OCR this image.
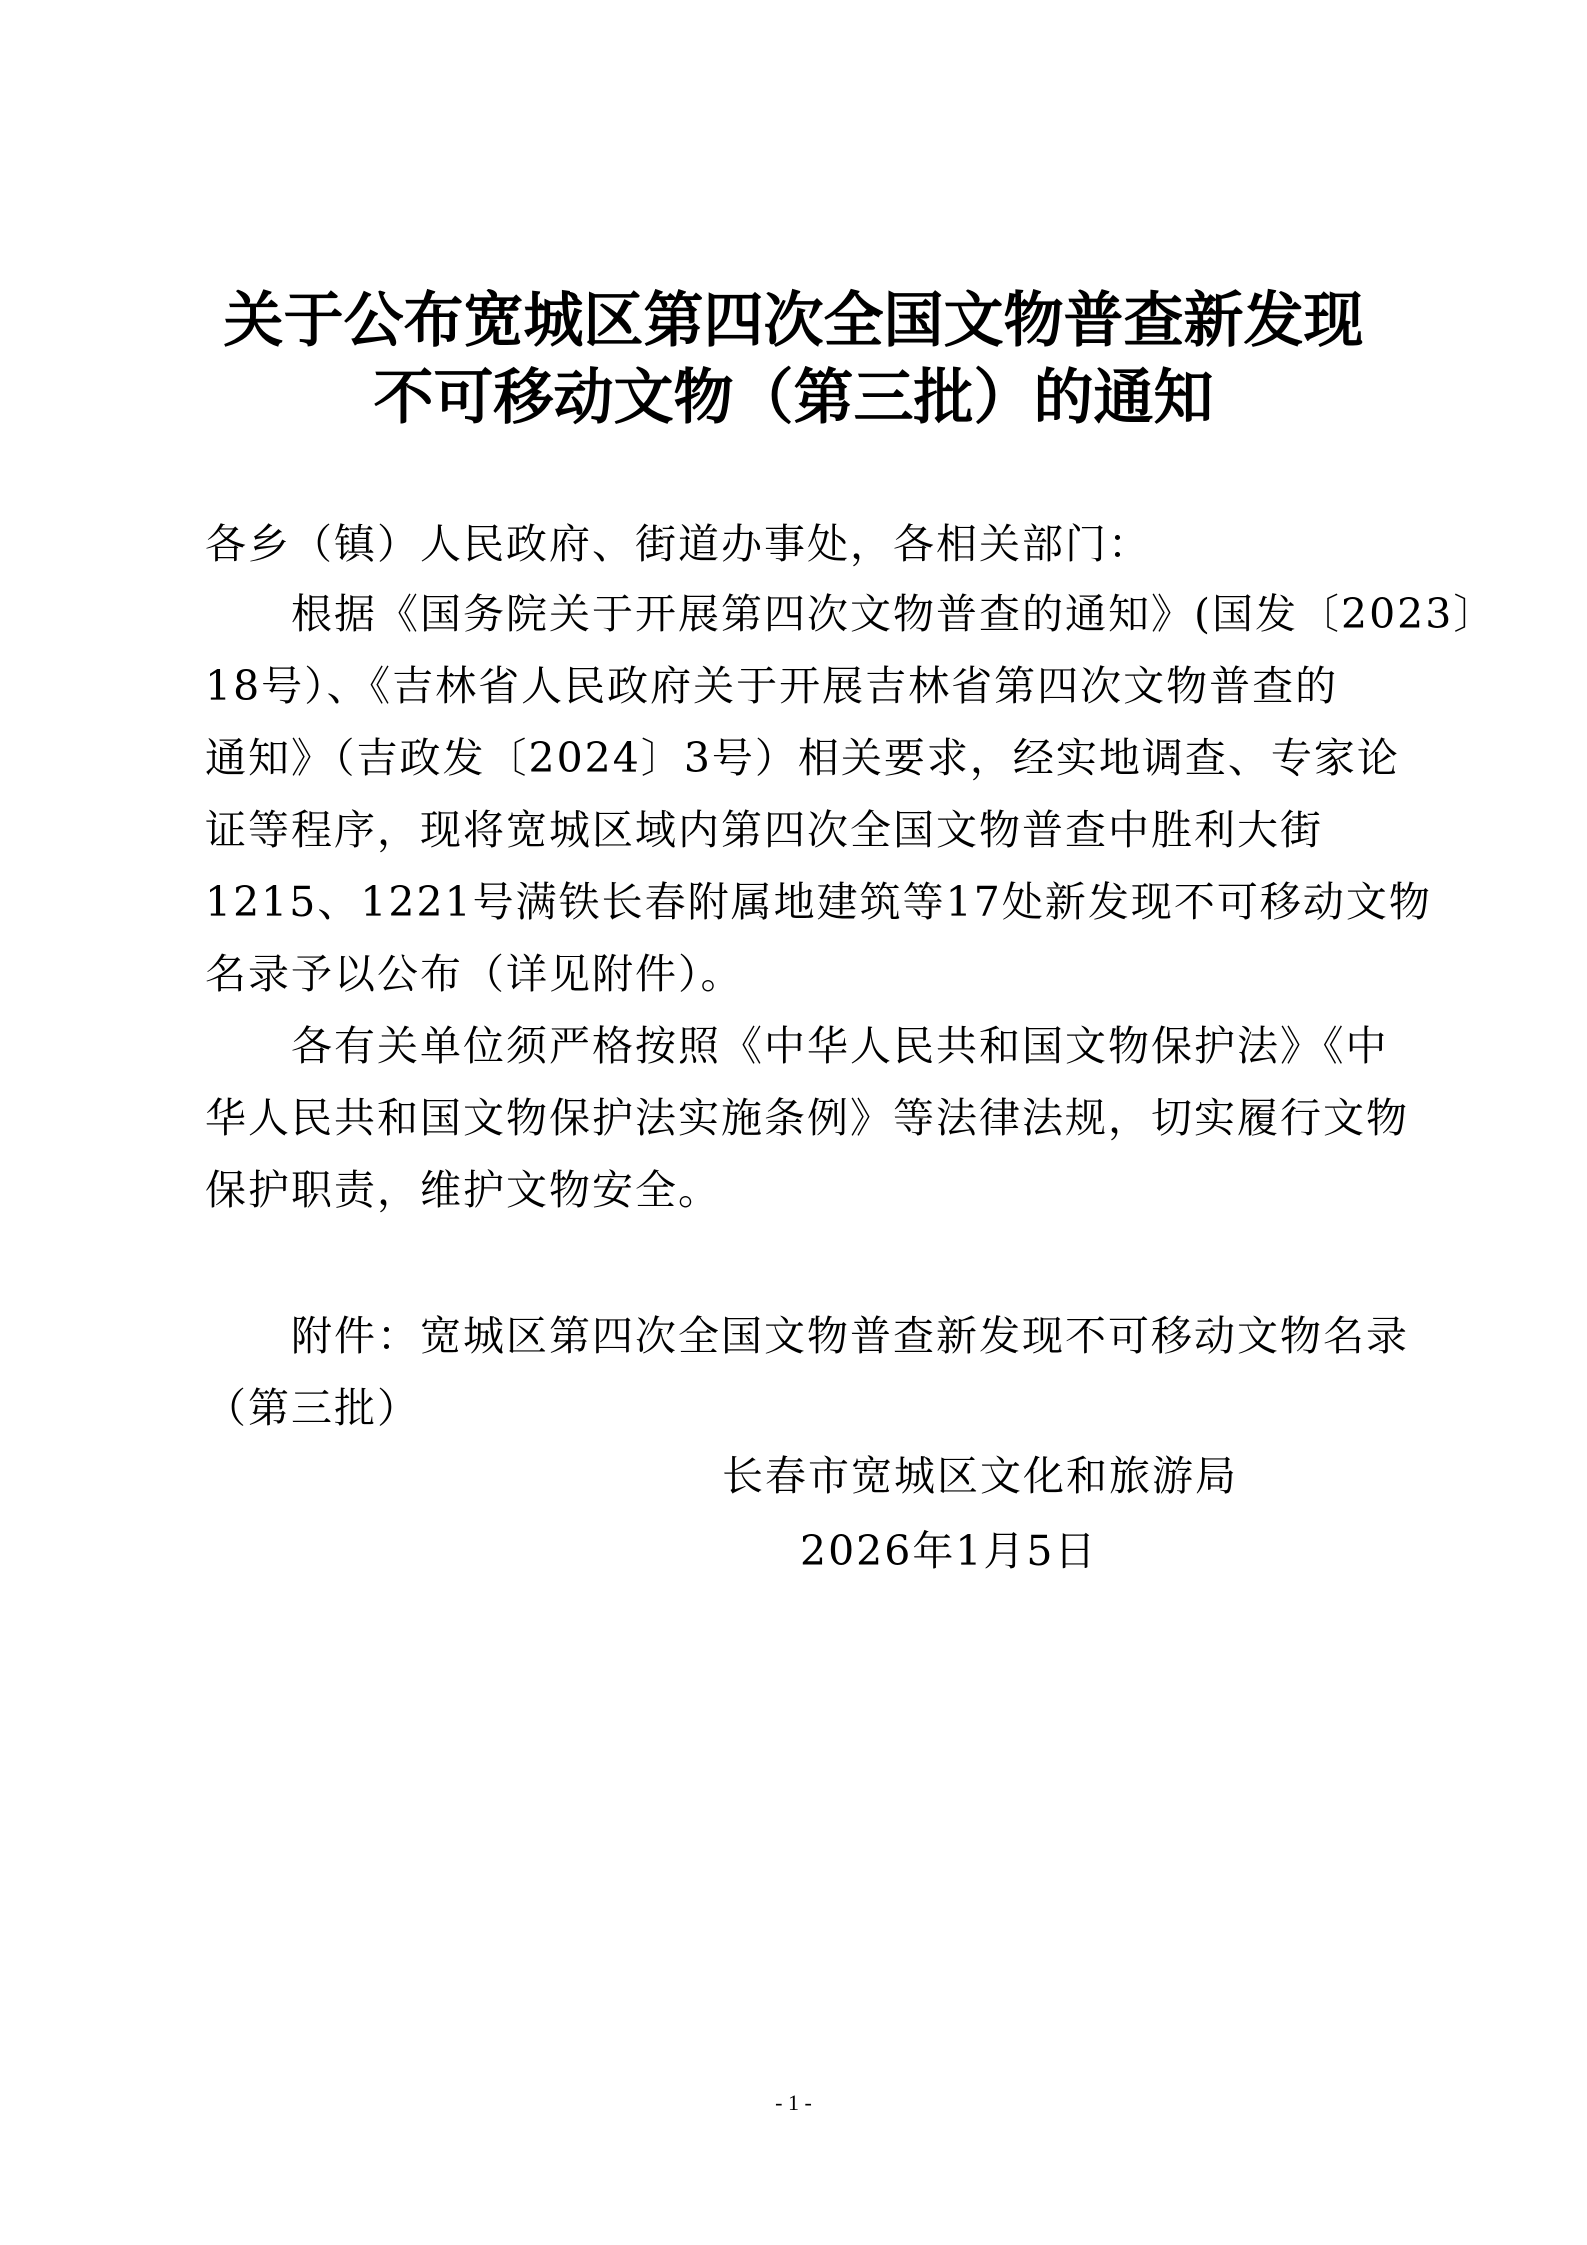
关于公布宽城区第四次全国文物普查新发现
不可移动文物（第三批）的通知

各乡（镇）人民政府、街道办事处，各相关部门：

　　根据《国务院关于开展第四次文物普查的通知》(国发〔2023〕
18号）、《吉林省人民政府关于开展吉林省第四次文物普查的
通知》（吉政发〔2024〕3号）相关要求，经实地调查、专家论
证等程序，现将宽城区域内第四次全国文物普查中胜利大街
1215、1221号满铁长春附属地建筑等17处新发现不可移动文物
名录予以公布（详见附件）。
　　各有关单位须严格按照《中华人民共和国文物保护法》《中
华人民共和国文物保护法实施条例》等法律法规，切实履行文物
保护职责，维护文物安全。
　　附件：宽城区第四次全国文物普查新发现不可移动文物名录
（第三批）
长春市宽城区文化和旅游局
2026年1月5日
- 1 -
